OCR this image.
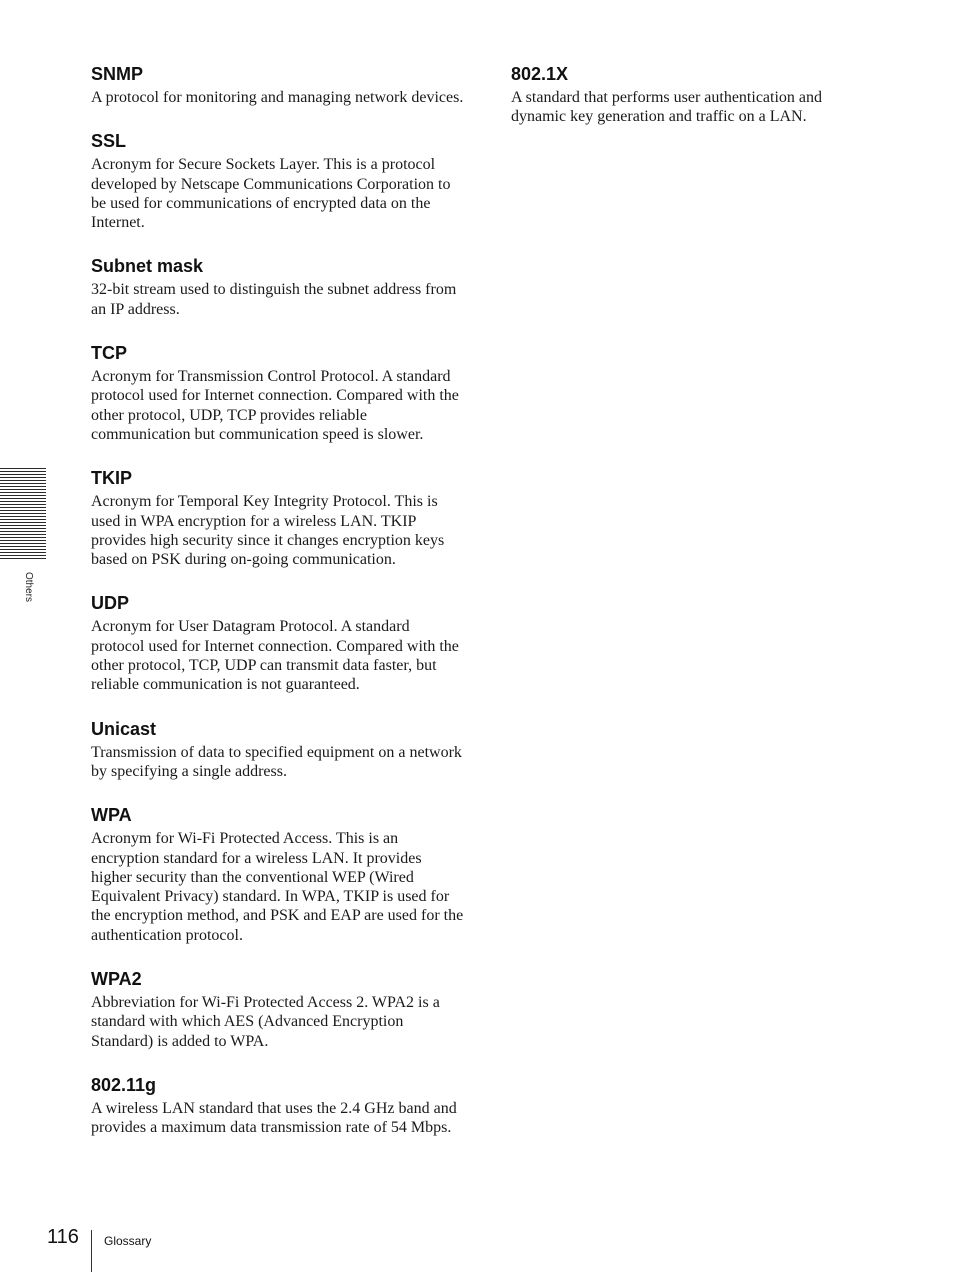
SNMP

A protocol for monitoring and managing network devices.

SSL

Acronym for Secure Sockets Layer. This is a protocol developed by Netscape Communications Corporation to be used for communications of encrypted data on the Internet.

Subnet mask

32-bit stream used to distinguish the subnet address from an IP address.

TCP

Acronym for Transmission Control Protocol. A standard protocol used for Internet connection. Compared with the other protocol, UDP, TCP provides reliable communication but communication speed is slower.

TKIP

Acronym for Temporal Key Integrity Protocol. This is used in WPA encryption for a wireless LAN. TKIP provides high security since it changes encryption keys based on PSK during on-going communication.

UDP

Acronym for User Datagram Protocol. A standard protocol used for Internet connection. Compared with the other protocol, TCP, UDP can transmit data faster, but reliable communication is not guaranteed.

Unicast

Transmission of data to specified equipment on a network by specifying a single address.

WPA

Acronym for Wi-Fi Protected Access. This is an encryption standard for a wireless LAN. It provides higher security than the conventional WEP (Wired Equivalent Privacy) standard. In WPA, TKIP is used for the encryption method, and PSK and EAP are used for the authentication protocol.

WPA2

Abbreviation for Wi-Fi Protected Access 2. WPA2 is a standard with which AES (Advanced Encryption Standard) is added to WPA.

802.11g

A wireless LAN standard that uses the 2.4 GHz band and provides a maximum data transmission rate of 54 Mbps.

802.1X

A standard that performs user authentication and dynamic key generation and traffic on a LAN.

Others
116 Glossary
